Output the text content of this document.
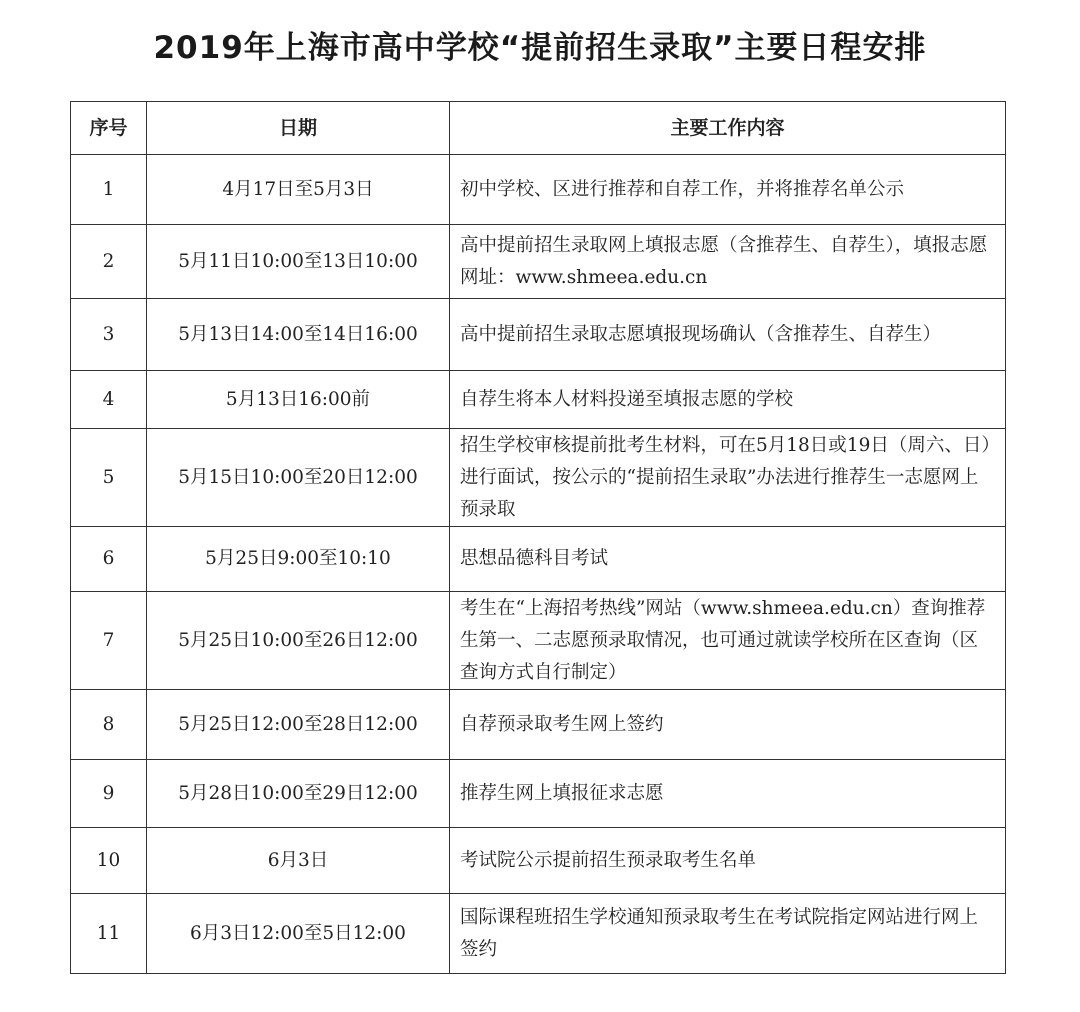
2019年上海市高中学校“提前招生录取”主要日程安排
序号	日期	主要工作内容
1	4月17日至5月3日	初中学校、区进行推荐和自荐工作，并将推荐名单公示
2	5月11日10:00至13日10:00	高中提前招生录取网上填报志愿（含推荐生、自荐生），填报志愿网址：www.shmeea.edu.cn
3	5月13日14:00至14日16:00	高中提前招生录取志愿填报现场确认（含推荐生、自荐生）
4	5月13日16:00前	自荐生将本人材料投递至填报志愿的学校
5	5月15日10:00至20日12:00	招生学校审核提前批考生材料，可在5月18日或19日（周六、日）进行面试，按公示的“提前招生录取”办法进行推荐生一志愿网上预录取
6	5月25日9:00至10:10	思想品德科目考试
7	5月25日10:00至26日12:00	考生在“上海招考热线”网站（www.shmeea.edu.cn）查询推荐生第一、二志愿预录取情况，也可通过就读学校所在区查询（区查询方式自行制定）
8	5月25日12:00至28日12:00	自荐预录取考生网上签约
9	5月28日10:00至29日12:00	推荐生网上填报征求志愿
10	6月3日	考试院公示提前招生预录取考生名单
11	6月3日12:00至5日12:00	国际课程班招生学校通知预录取考生在考试院指定网站进行网上签约
